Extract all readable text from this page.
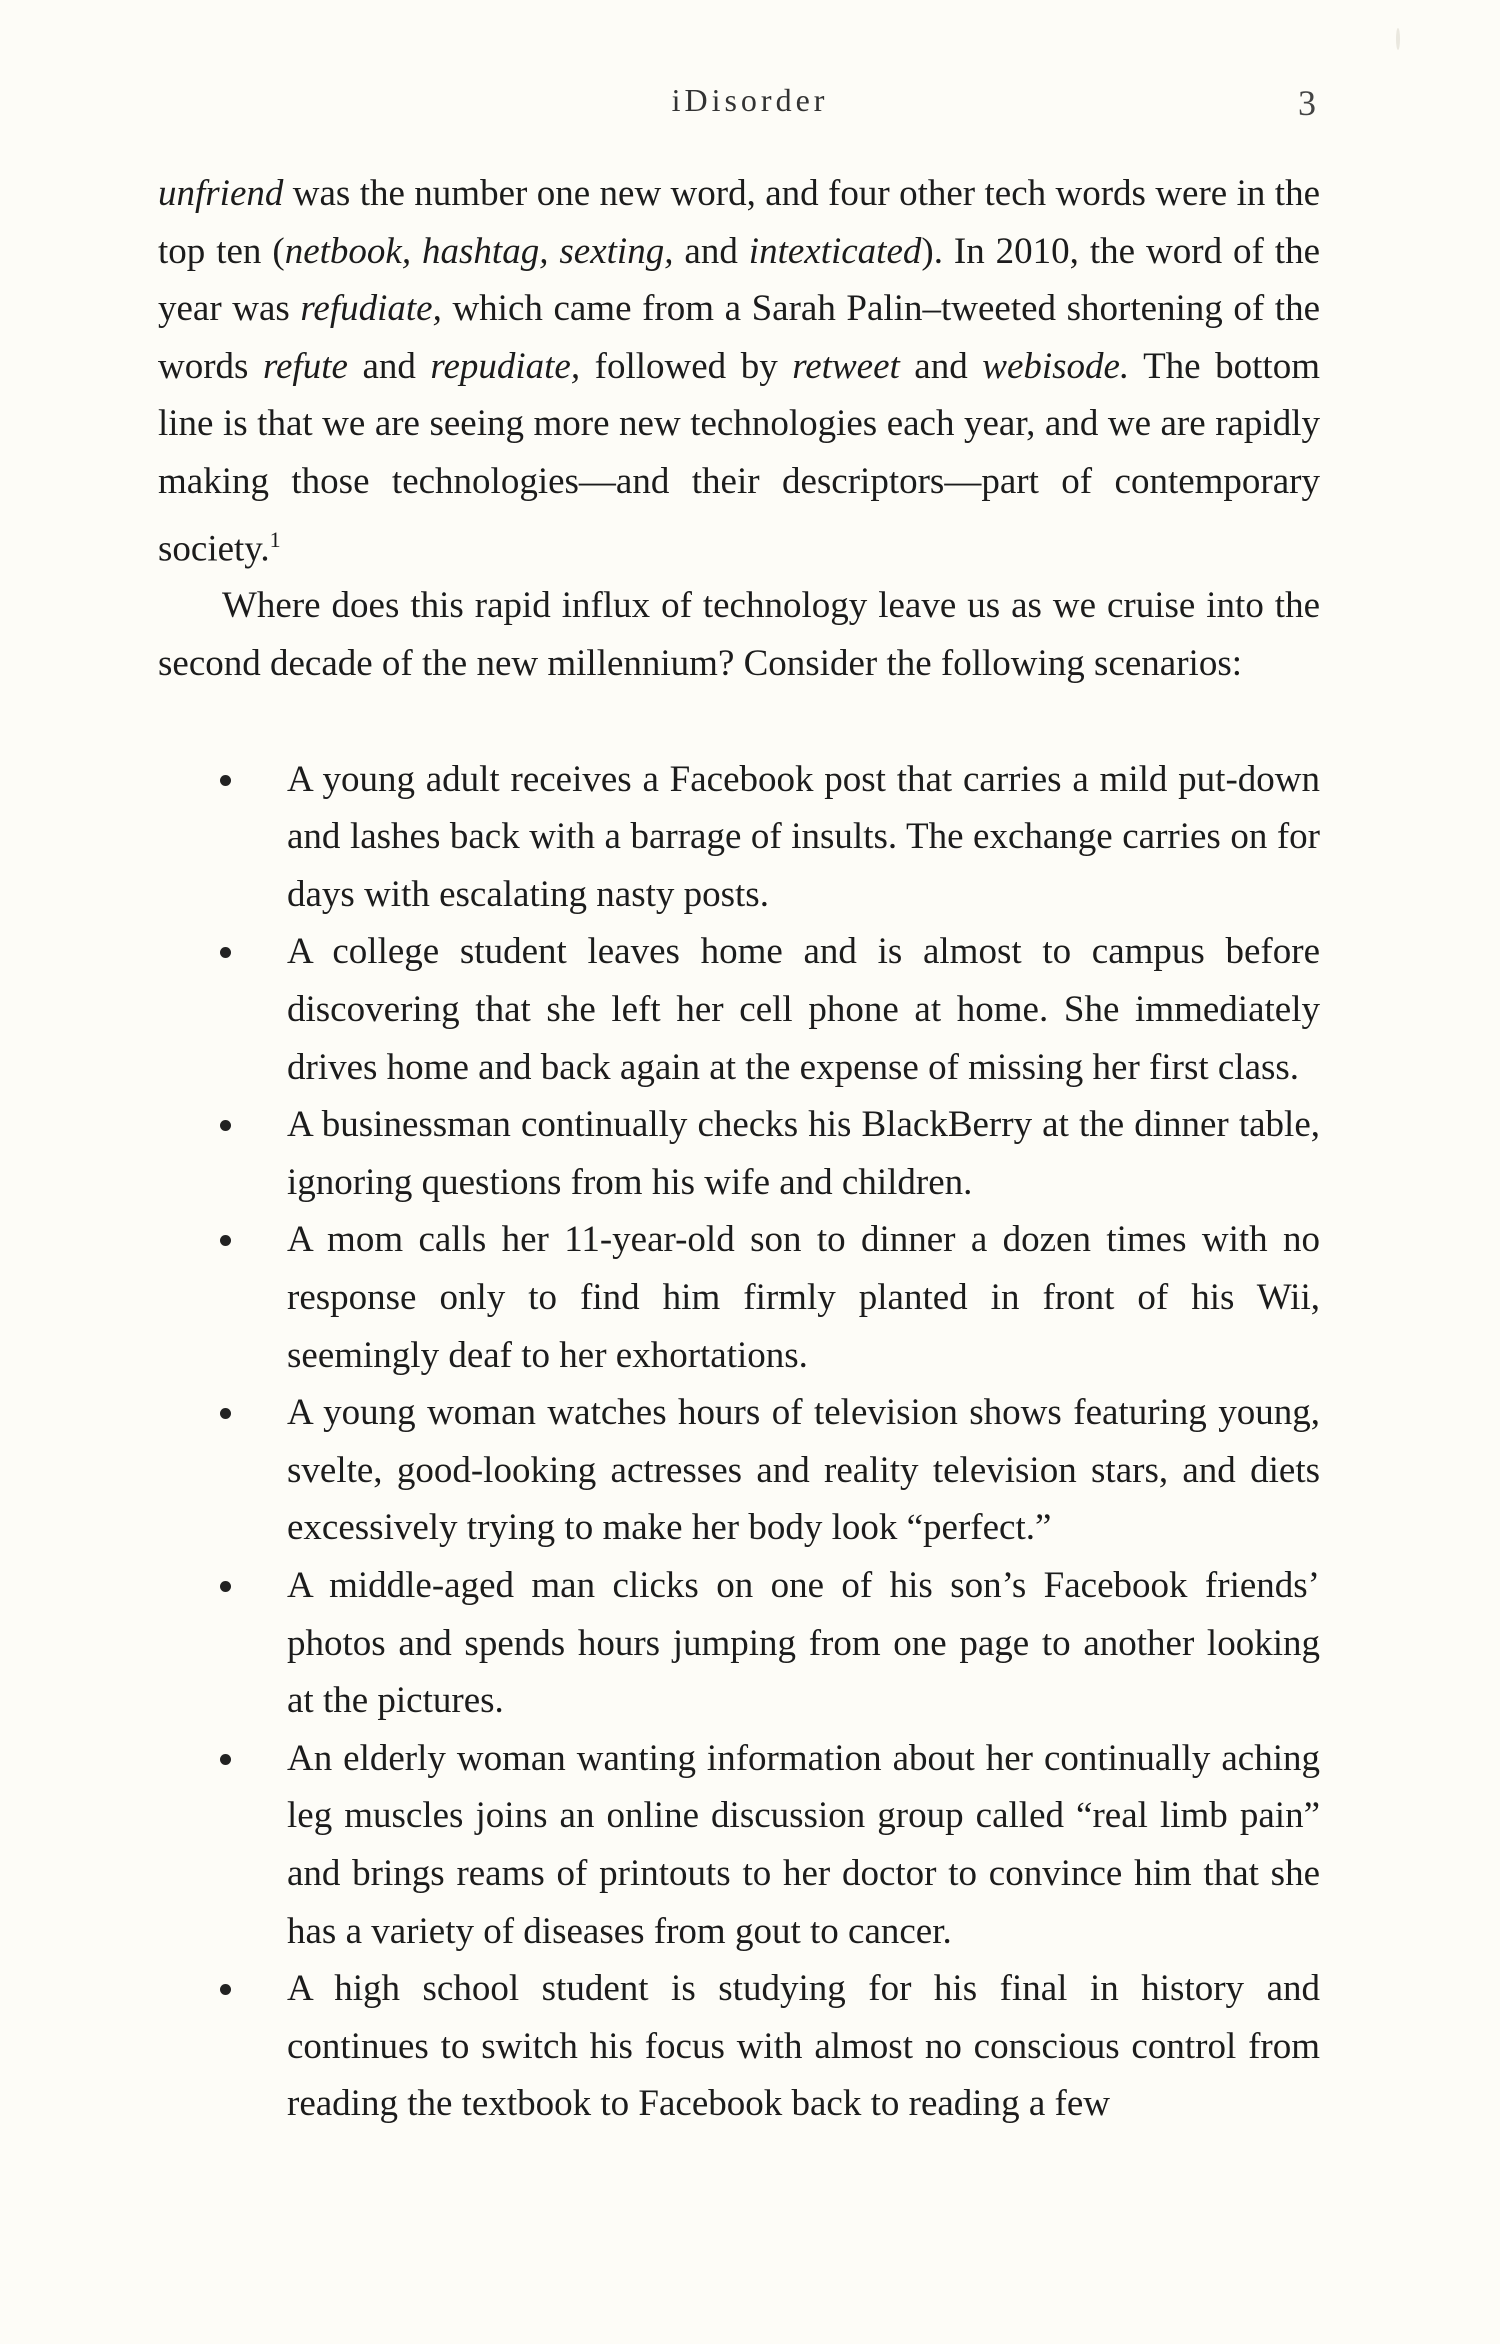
iDisorder	3

unfriend was the number one new word, and four other tech words were in the top ten (netbook, hashtag, sexting, and intexticated). In 2010, the word of the year was refudiate, which came from a Sarah Palin–tweeted shortening of the words refute and repudiate, followed by retweet and webisode. The bottom line is that we are seeing more new technologies each year, and we are rapidly making those technologies—and their descriptors—part of contemporary society.$^1$

Where does this rapid influx of technology leave us as we cruise into the second decade of the new millennium? Consider the following scenarios:

A young adult receives a Facebook post that carries a mild put-down and lashes back with a barrage of insults. The exchange carries on for days with escalating nasty posts.
A college student leaves home and is almost to campus before discovering that she left her cell phone at home. She immediately drives home and back again at the expense of missing her first class.
A businessman continually checks his BlackBerry at the dinner table, ignoring questions from his wife and children.
A mom calls her 11-year-old son to dinner a dozen times with no response only to find him firmly planted in front of his Wii, seemingly deaf to her exhortations.
A young woman watches hours of television shows featuring young, svelte, good-looking actresses and reality television stars, and diets excessively trying to make her body look “perfect.”
A middle-aged man clicks on one of his son’s Facebook friends’ photos and spends hours jumping from one page to another looking at the pictures.
An elderly woman wanting information about her continually aching leg muscles joins an online discussion group called “real limb pain” and brings reams of printouts to her doctor to convince him that she has a variety of diseases from gout to cancer.
A high school student is studying for his final in history and continues to switch his focus with almost no conscious control from reading the textbook to Facebook back to reading a few
